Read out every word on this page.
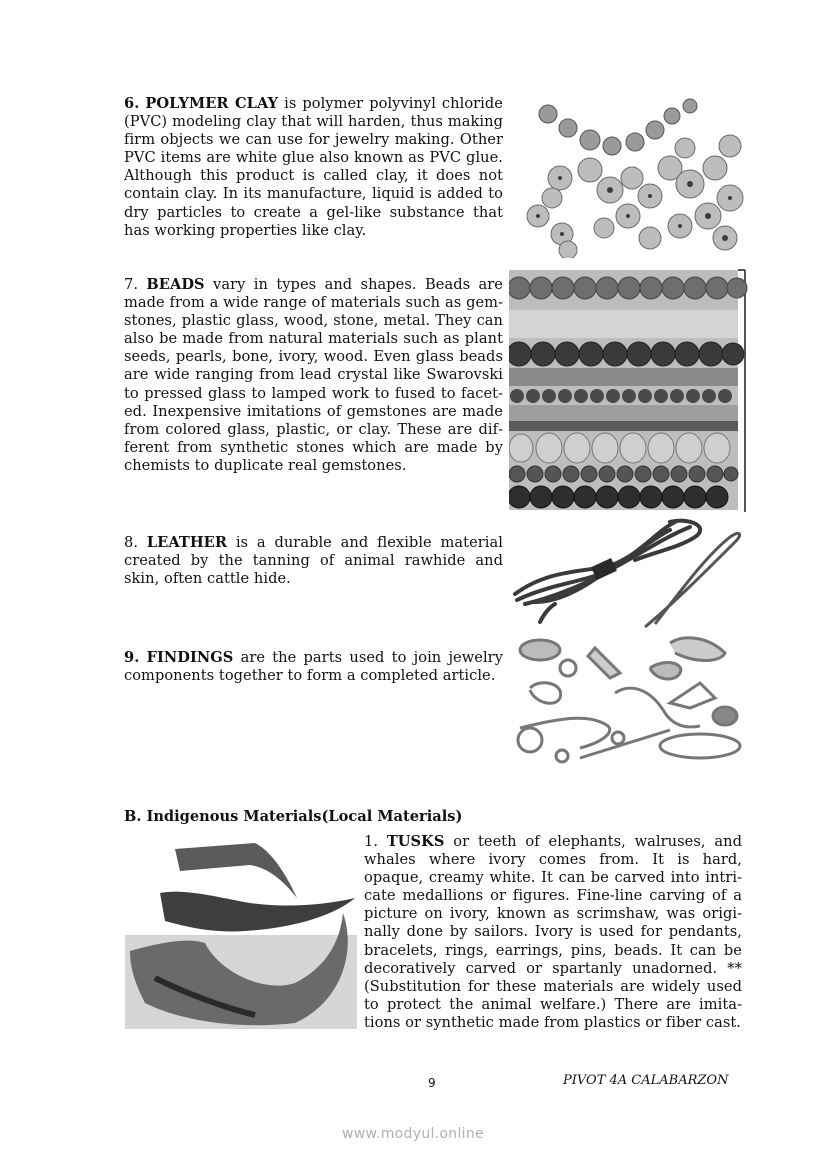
6. POLYMER CLAY is polymer polyvinyl chloride (PVC) modeling clay that will harden, thus making firm objects we can use for jewelry making. Other PVC items are white glue also known as PVC glue. Although this product is called clay, it does not contain clay. In its manufacture, liquid is added to dry particles to create a gel-like substance that has working properties like clay.

7. BEADS vary in types and shapes. Beads are made from a wide range of materials such as gemstones, plastic glass, wood, stone, metal. They can also be made from natural materials such as plant seeds, pearls, bone, ivory, wood. Even glass beads are wide ranging from lead crystal like Swarovski to pressed glass to lamped work to fused to faceted. Inexpensive imitations of gemstones are made from colored glass, plastic, or clay. These are different from synthetic stones which are made by chemists to duplicate real gemstones.

8. LEATHER is a durable and flexible material created by the tanning of animal rawhide and skin, often cattle hide.

9. FINDINGS are the parts used to join jewelry components together to form a completed article.

B. Indigenous Materials(Local Materials)

1. TUSKS or teeth of elephants, walruses, and whales where ivory comes from. It is hard, opaque, creamy white. It can be carved into intricate medallions or figures. Fine-line carving of a picture on ivory, known as scrimshaw, was originally done by sailors. Ivory is used for pendants, bracelets, rings, earrings, pins, beads. It can be decoratively carved or spartanly unadorned. ** (Substitution for these materials are widely used to protect the animal welfare.) There are imitations or synthetic made from plastics or fiber cast.

9	PIVOT 4A CALABARZON
www.modyul.online
